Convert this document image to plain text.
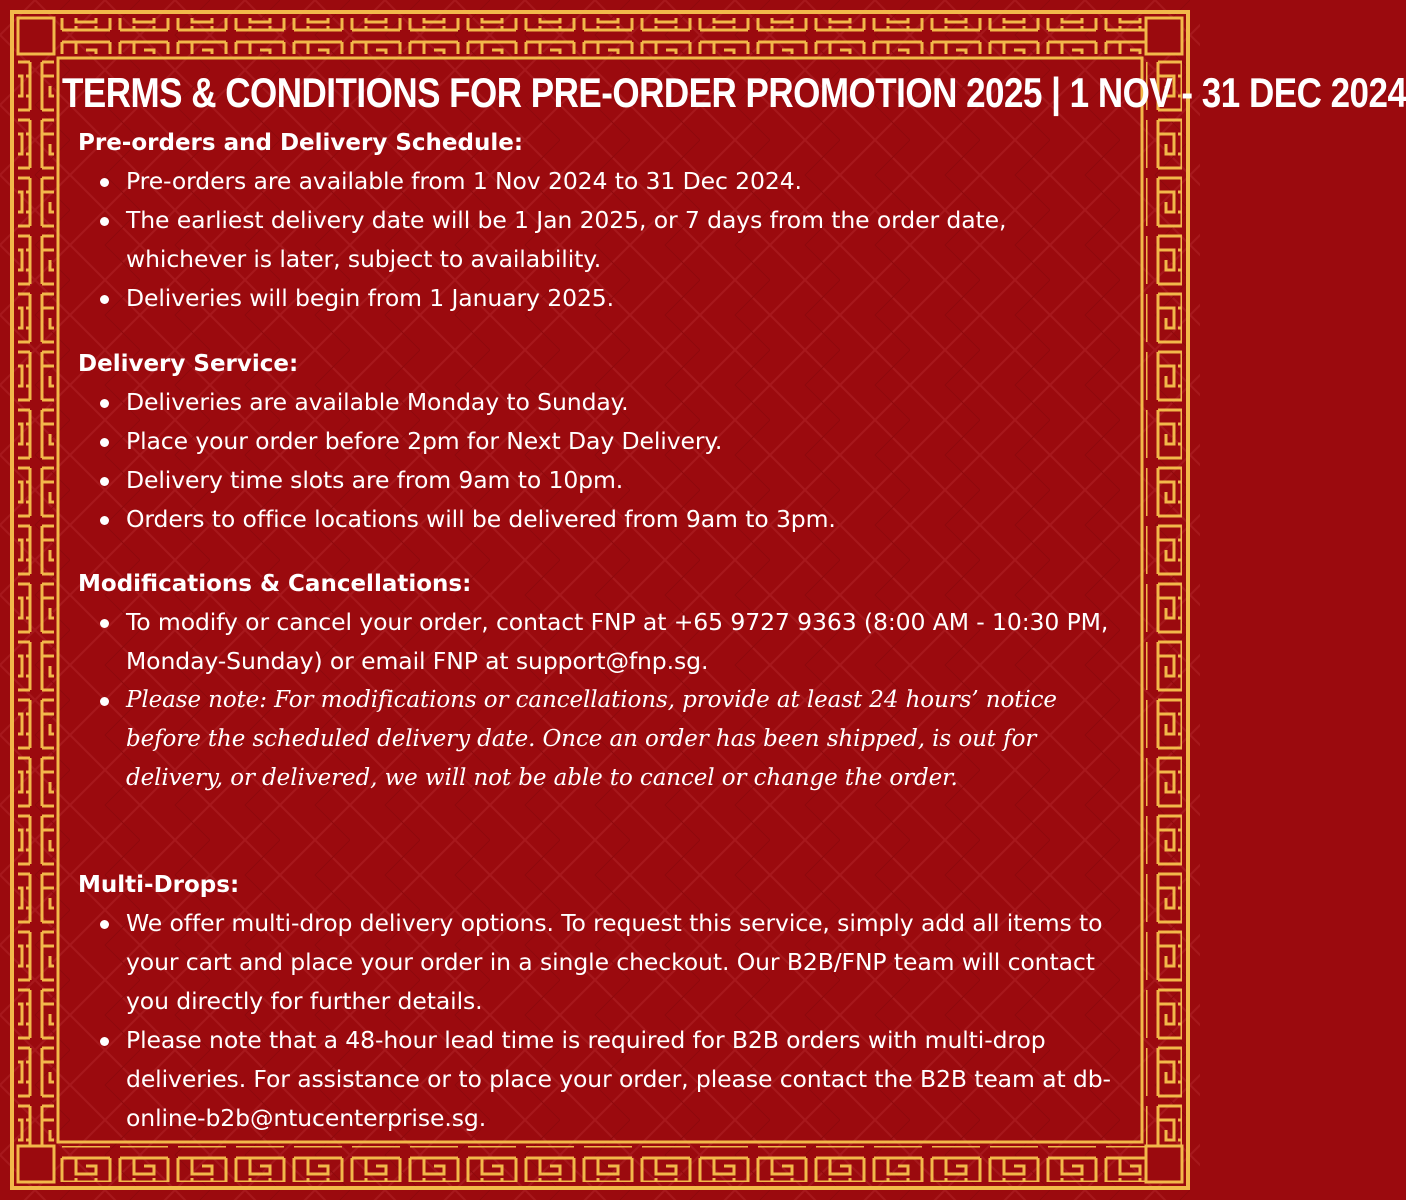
TERMS & CONDITIONS FOR PRE-ORDER PROMOTION 2025 | 1 NOV - 31 DEC 2024
Pre-orders and Delivery Schedule:
Pre-orders are available from 1 Nov 2024 to 31 Dec 2024.
The earliest delivery date will be 1 Jan 2025, or 7 days from the order date, whichever is later, subject to availability.
Deliveries will begin from 1 January 2025.
Delivery Service:
Deliveries are available Monday to Sunday.
Place your order before 2pm for Next Day Delivery.
Delivery time slots are from 9am to 10pm.
Orders to office locations will be delivered from 9am to 3pm.
Modifications & Cancellations:
To modify or cancel your order, contact FNP at +65 9727 9363 (8:00 AM - 10:30 PM, Monday-Sunday) or email FNP at support@fnp.sg.
Please note: For modifications or cancellations, provide at least 24 hours’ notice before the scheduled delivery date. Once an order has been shipped, is out for delivery, or delivered, we will not be able to cancel or change the order.
Multi-Drops:
We offer multi-drop delivery options. To request this service, simply add all items to your cart and place your order in a single checkout. Our B2B/FNP team will contact you directly for further details.
Please note that a 48-hour lead time is required for B2B orders with multi-drop deliveries. For assistance or to place your order, please contact the B2B team at db-online-b2b@ntucenterprise.sg.
